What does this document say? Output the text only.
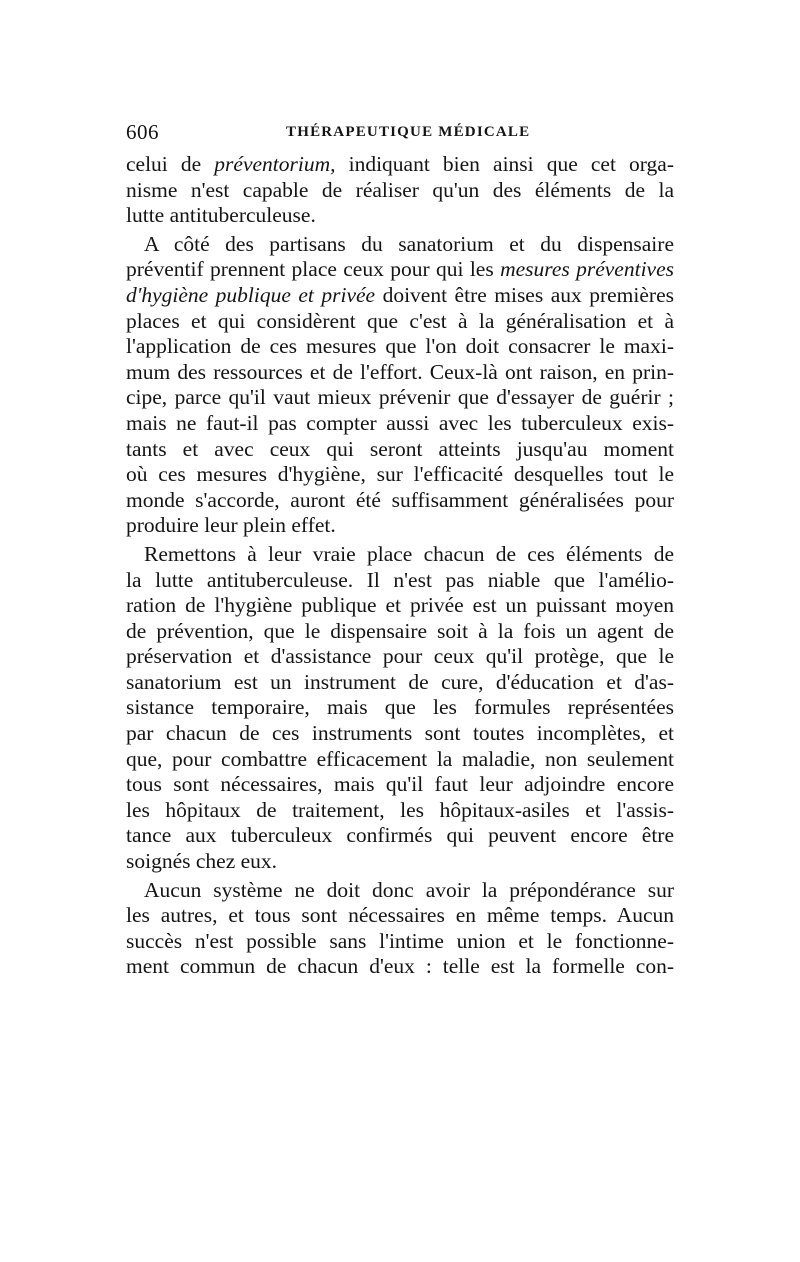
606	THÉRAPEUTIQUE MÉDICALE
celui de préventorium, indiquant bien ainsi que cet orga-
nisme n'est capable de réaliser qu'un des éléments de la
lutte antituberculeuse.
A côté des partisans du sanatorium et du dispensaire
préventif prennent place ceux pour qui les mesures préventives
d'hygiène publique et privée doivent être mises aux premières
places et qui considèrent que c'est à la généralisation et à
l'application de ces mesures que l'on doit consacrer le maxi-
mum des ressources et de l'effort. Ceux-là ont raison, en prin-
cipe, parce qu'il vaut mieux prévenir que d'essayer de guérir ;
mais ne faut-il pas compter aussi avec les tuberculeux exis-
tants et avec ceux qui seront atteints jusqu'au moment
où ces mesures d'hygiène, sur l'efficacité desquelles tout le
monde s'accorde, auront été suffisamment généralisées pour
produire leur plein effet.
Remettons à leur vraie place chacun de ces éléments de
la lutte antituberculeuse. Il n'est pas niable que l'amélio-
ration de l'hygiène publique et privée est un puissant moyen
de prévention, que le dispensaire soit à la fois un agent de
préservation et d'assistance pour ceux qu'il protège, que le
sanatorium est un instrument de cure, d'éducation et d'as-
sistance temporaire, mais que les formules représentées
par chacun de ces instruments sont toutes incomplètes, et
que, pour combattre efficacement la maladie, non seulement
tous sont nécessaires, mais qu'il faut leur adjoindre encore
les hôpitaux de traitement, les hôpitaux-asiles et l'assis-
tance aux tuberculeux confirmés qui peuvent encore être
soignés chez eux.
Aucun système ne doit donc avoir la prépondérance sur
les autres, et tous sont nécessaires en même temps. Aucun
succès n'est possible sans l'intime union et le fonctionne-
ment commun de chacun d'eux : telle est la formelle con-
